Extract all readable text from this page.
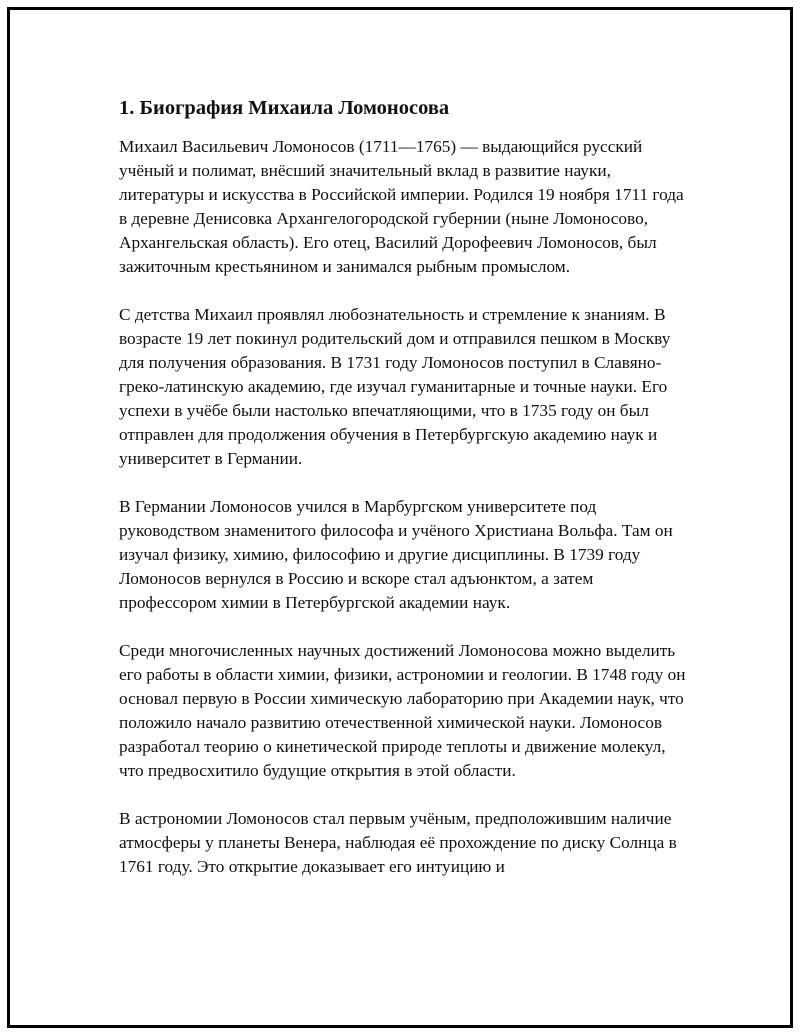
1. Биография Михаила Ломоносова

Михаил Васильевич Ломоносов (1711—1765) — выдающийся русский учёный и полимат, внёсший значительный вклад в развитие науки, литературы и искусства в Российской империи. Родился 19 ноября 1711 года в деревне Денисовка Архангелогородской губернии (ныне Ломоносово, Архангельская область). Его отец, Василий Дорофеевич Ломоносов, был зажиточным крестьянином и занимался рыбным промыслом.

С детства Михаил проявлял любознательность и стремление к знаниям. В возрасте 19 лет покинул родительский дом и отправился пешком в Москву для получения образования. В 1731 году Ломоносов поступил в Славяно-греко-латинскую академию, где изучал гуманитарные и точные науки. Его успехи в учёбе были настолько впечатляющими, что в 1735 году он был отправлен для продолжения обучения в Петербургскую академию наук и университет в Германии.

В Германии Ломоносов учился в Марбургском университете под руководством знаменитого философа и учёного Христиана Вольфа. Там он изучал физику, химию, философию и другие дисциплины. В 1739 году Ломоносов вернулся в Россию и вскоре стал адъюнктом, а затем профессором химии в Петербургской академии наук.

Среди многочисленных научных достижений Ломоносова можно выделить его работы в области химии, физики, астрономии и геологии. В 1748 году он основал первую в России химическую лабораторию при Академии наук, что положило начало развитию отечественной химической науки. Ломоносов разработал теорию о кинетической природе теплоты и движение молекул, что предвосхитило будущие открытия в этой области.

В астрономии Ломоносов стал первым учёным, предположившим наличие атмосферы у планеты Венера, наблюдая её прохождение по диску Солнца в 1761 году. Это открытие доказывает его интуицию и
